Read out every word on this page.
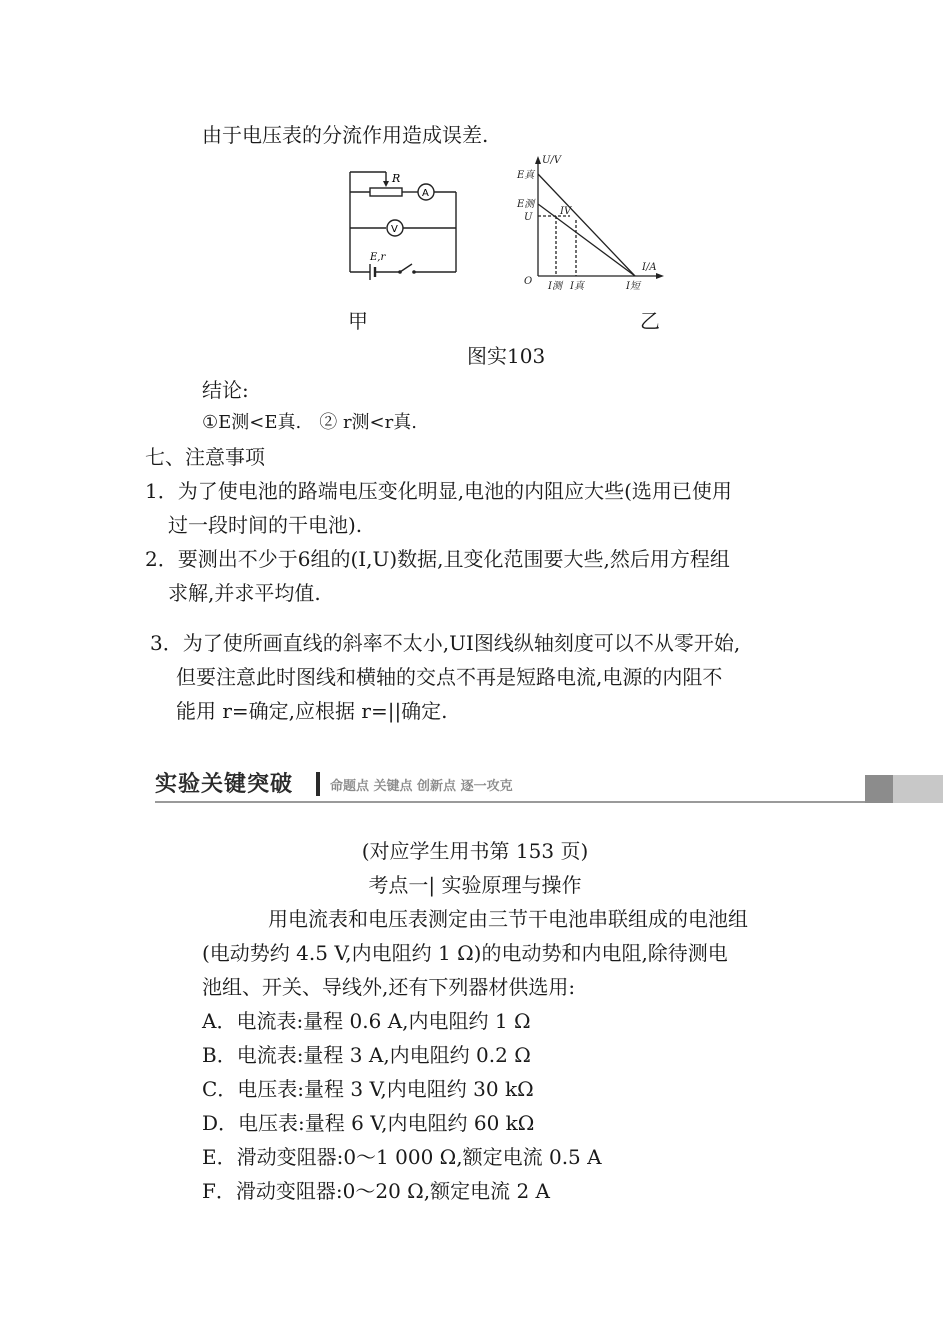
由于电压表的分流作用造成误差.
R
A
V
E,r
U/V
I/A
O
E真
E测
U
IV
I测 I真	I短
甲	乙
图实103
结论:
①E测<E真.　② r测<r真.
七、注意事项
1．为了使电池的路端电压变化明显,电池的内阻应大些(选用已使用
过一段时间的干电池).
2．要测出不少于6组的(I,U)数据,且变化范围要大些,然后用方程组
求解,并求平均值.
3．为了使所画直线的斜率不太小,UI图线纵轴刻度可以不从零开始,
但要注意此时图线和横轴的交点不再是短路电流,电源的内阻不
能用 r=确定,应根据 r=||确定.
实验关键突破	命题点 关键点 创新点 逐一攻克
(对应学生用书第 153 页)
考点一| 实验原理与操作
用电流表和电压表测定由三节干电池串联组成的电池组
(电动势约 4.5 V,内电阻约 1 Ω)的电动势和内电阻,除待测电
池组、开关、导线外,还有下列器材供选用:
A．电流表:量程 0.6 A,内电阻约 1 Ω
B．电流表:量程 3 A,内电阻约 0.2 Ω
C．电压表:量程 3 V,内电阻约 30 kΩ
D．电压表:量程 6 V,内电阻约 60 kΩ
E．滑动变阻器:0～1 000 Ω,额定电流 0.5 A
F．滑动变阻器:0～20 Ω,额定电流 2 A
